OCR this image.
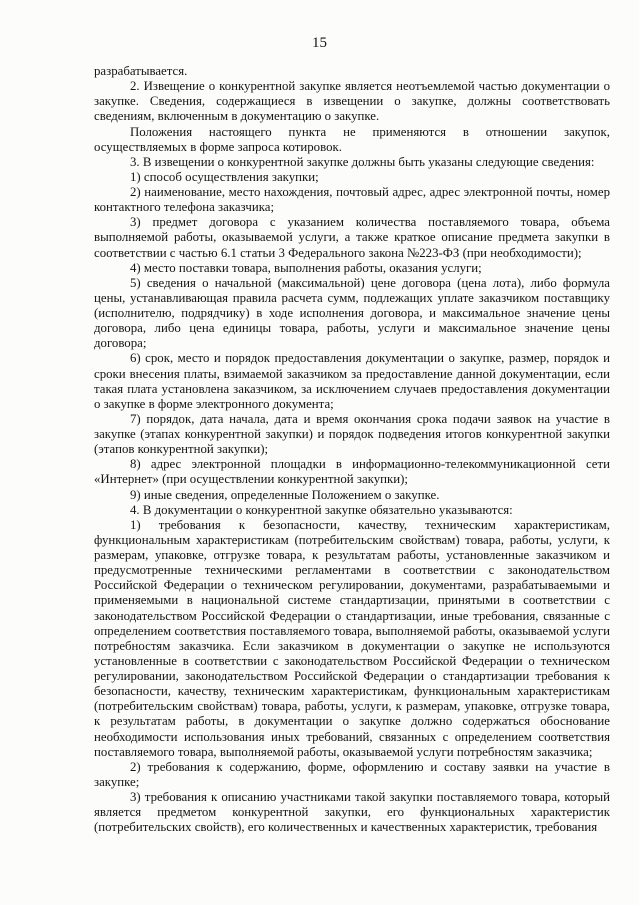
15

разрабатывается.

2. Извещение о конкурентной закупке является неотъемлемой частью документации о закупке. Сведения, содержащиеся в извещении о закупке, должны соответствовать сведениям, включенным в документацию о закупке.

Положения настоящего пункта не применяются в отношении закупок, осуществляемых в форме запроса котировок.

3. В извещении о конкурентной закупке должны быть указаны следующие сведения:

1) способ осуществления закупки;

2) наименование, место нахождения, почтовый адрес, адрес электронной почты, номер контактного телефона заказчика;

3) предмет договора с указанием количества поставляемого товара, объема выполняемой работы, оказываемой услуги, а также краткое описание предмета закупки в соответствии с частью 6.1 статьи 3 Федерального закона №223-ФЗ (при необходимости);

4) место поставки товара, выполнения работы, оказания услуги;

5) сведения о начальной (максимальной) цене договора (цена лота), либо формула цены, устанавливающая правила расчета сумм, подлежащих уплате заказчиком поставщику (исполнителю, подрядчику) в ходе исполнения договора, и максимальное значение цены договора, либо цена единицы товара, работы, услуги и максимальное значение цены договора;

6) срок, место и порядок предоставления документации о закупке, размер, порядок и сроки внесения платы, взимаемой заказчиком за предоставление данной документации, если такая плата установлена заказчиком, за исключением случаев предоставления документации о закупке в форме электронного документа;

7) порядок, дата начала, дата и время окончания срока подачи заявок на участие в закупке (этапах конкурентной закупки) и порядок подведения итогов конкурентной закупки (этапов конкурентной закупки);

8) адрес электронной площадки в информационно-телекоммуникационной сети «Интернет» (при осуществлении конкурентной закупки);

9) иные сведения, определенные Положением о закупке.

4. В документации о конкурентной закупке обязательно указываются:

1) требования к безопасности, качеству, техническим характеристикам, функциональным характеристикам (потребительским свойствам) товара, работы, услуги, к размерам, упаковке, отгрузке товара, к результатам работы, установленные заказчиком и предусмотренные техническими регламентами в соответствии с законодательством Российской Федерации о техническом регулировании, документами, разрабатываемыми и применяемыми в национальной системе стандартизации, принятыми в соответствии с законодательством Российской Федерации о стандартизации, иные требования, связанные с определением соответствия поставляемого товара, выполняемой работы, оказываемой услуги потребностям заказчика. Если заказчиком в документации о закупке не используются установленные в соответствии с законодательством Российской Федерации о техническом регулировании, законодательством Российской Федерации о стандартизации требования к безопасности, качеству, техническим характеристикам, функциональным характеристикам (потребительским свойствам) товара, работы, услуги, к размерам, упаковке, отгрузке товара, к результатам работы, в документации о закупке должно содержаться обоснование необходимости использования иных требований, связанных с определением соответствия поставляемого товара, выполняемой работы, оказываемой услуги потребностям заказчика;

2) требования к содержанию, форме, оформлению и составу заявки на участие в закупке;

3) требования к описанию участниками такой закупки поставляемого товара, который является предметом конкурентной закупки, его функциональных характеристик (потребительских свойств), его количественных и качественных характеристик, требования
